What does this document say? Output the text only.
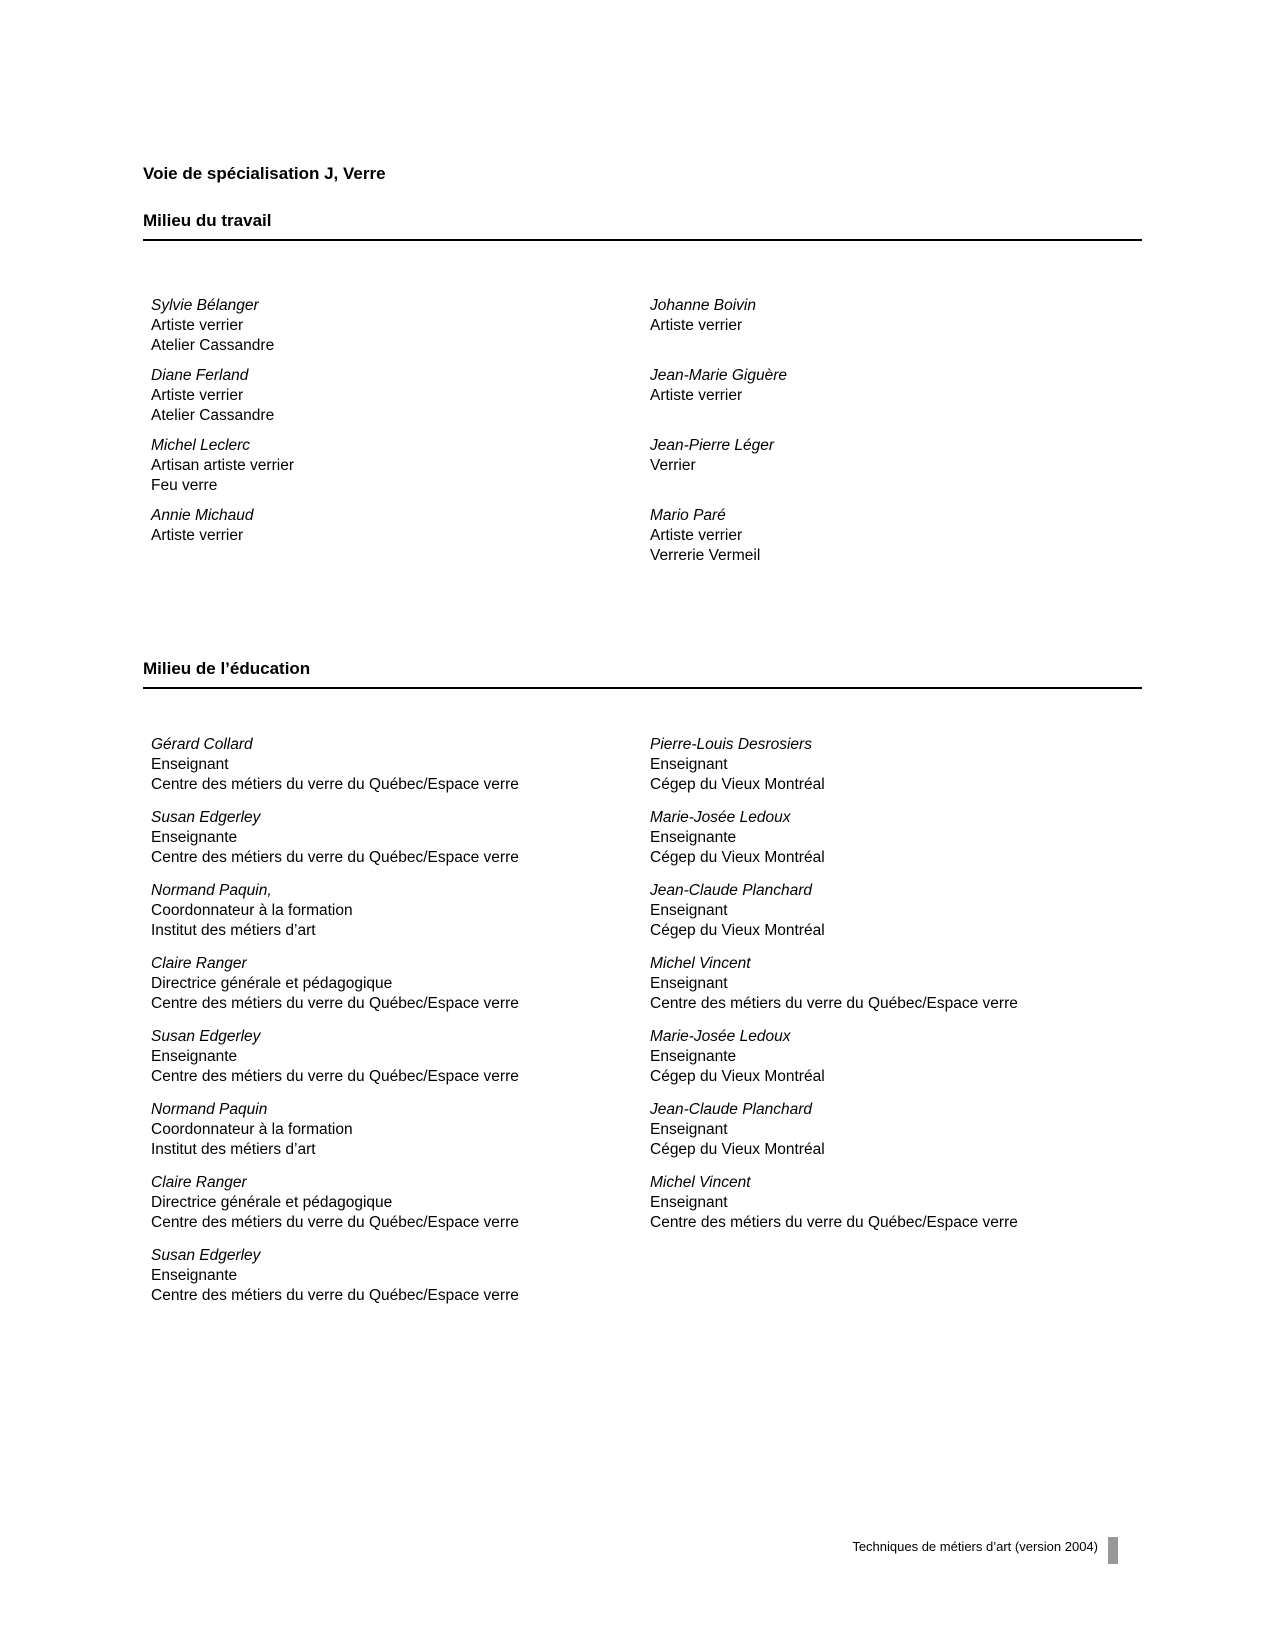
Voie de spécialisation J, Verre
Milieu du travail
Sylvie Bélanger
Artiste verrier
Atelier Cassandre
Johanne Boivin
Artiste verrier
Diane Ferland
Artiste verrier
Atelier Cassandre
Jean-Marie Giguère
Artiste verrier
Michel Leclerc
Artisan artiste verrier
Feu verre
Jean-Pierre Léger
Verrier
Annie Michaud
Artiste verrier
Mario Paré
Artiste verrier
Verrerie Vermeil
Milieu de l’éducation
Gérard Collard
Enseignant
Centre des métiers du verre du Québec/Espace verre
Pierre-Louis Desrosiers
Enseignant
Cégep du Vieux Montréal
Susan Edgerley
Enseignante
Centre des métiers du verre du Québec/Espace verre
Marie-Josée Ledoux
Enseignante
Cégep du Vieux Montréal
Normand Paquin,
Coordonnateur à la formation
Institut des métiers d’art
Jean-Claude Planchard
Enseignant
Cégep du Vieux Montréal
Claire Ranger
Directrice générale et pédagogique
Centre des métiers du verre du Québec/Espace verre
Michel Vincent
Enseignant
Centre des métiers du verre du Québec/Espace verre
Susan Edgerley
Enseignante
Centre des métiers du verre du Québec/Espace verre
Marie-Josée Ledoux
Enseignante
Cégep du Vieux Montréal
Normand Paquin
Coordonnateur à la formation
Institut des métiers d’art
Jean-Claude Planchard
Enseignant
Cégep du Vieux Montréal
Claire Ranger
Directrice générale et pédagogique
Centre des métiers du verre du Québec/Espace verre
Michel Vincent
Enseignant
Centre des métiers du verre du Québec/Espace verre
Susan Edgerley
Enseignante
Centre des métiers du verre du Québec/Espace verre
Techniques de métiers d’art (version 2004)
